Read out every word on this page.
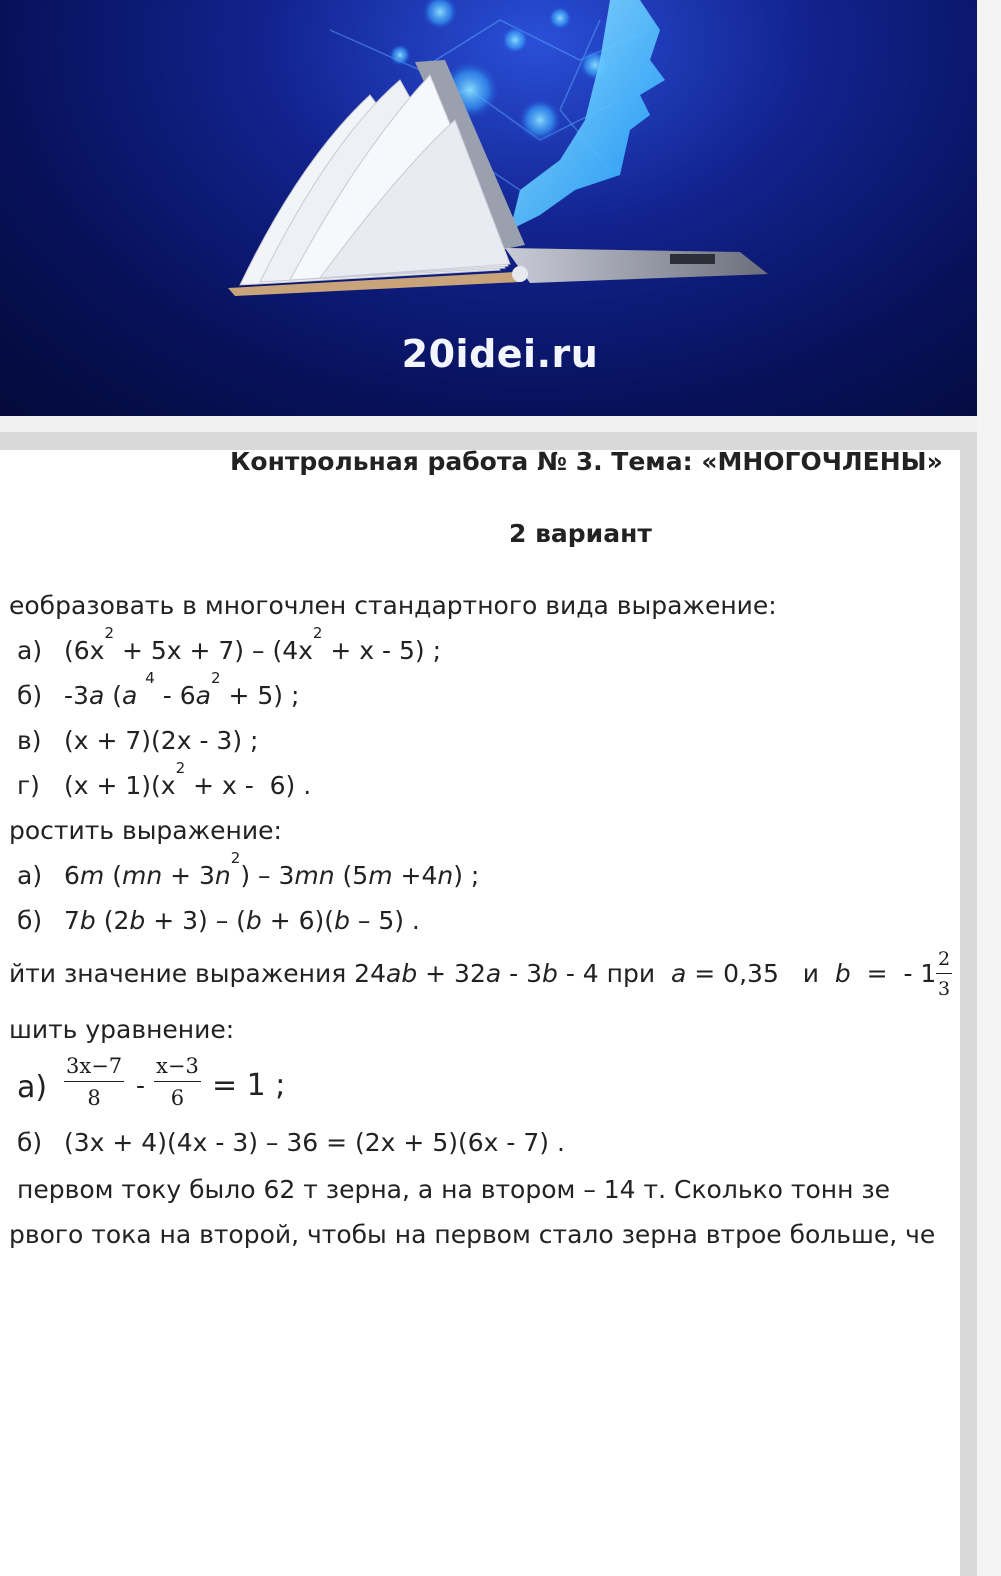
20idei.ru
Контрольная работа № 3. Тема: «МНОГОЧЛЕНЫ»
2 вариант
еобразовать в многочлен стандартного вида выражение:
а) $(6x^2 + 5x + 7) - (4x^2 + x - 5)$ ;
б) -3a (a $^4 - 6a^2 + 5$) ;
в) (x + 7)(2x - 3) ;
г) $(x + 1)(x^2 + x - 6)$ .
ростить выражение:
а) 6m $(mn + 3n^2) - 3mn$ (5m +4n) ;
б) 7b (2b + 3) – (b + 6)(b – 5) .
йти значение выражения 24ab + 32a - 3b - 4 при  a = 0,35   и  b  =  - $1 \frac{2}{3}$
шить уравнение:
$а) \frac{3x-7}{8} - \frac{x-3}{6} = 1$ ;
б) (3x + 4)(4x - 3) – 36 = (2x + 5)(6x - 7) .
первом току было 62 т зерна, а на втором – 14 т. Сколько тонн зе
рвого тока на второй, чтобы на первом стало зерна втрое больше, че
